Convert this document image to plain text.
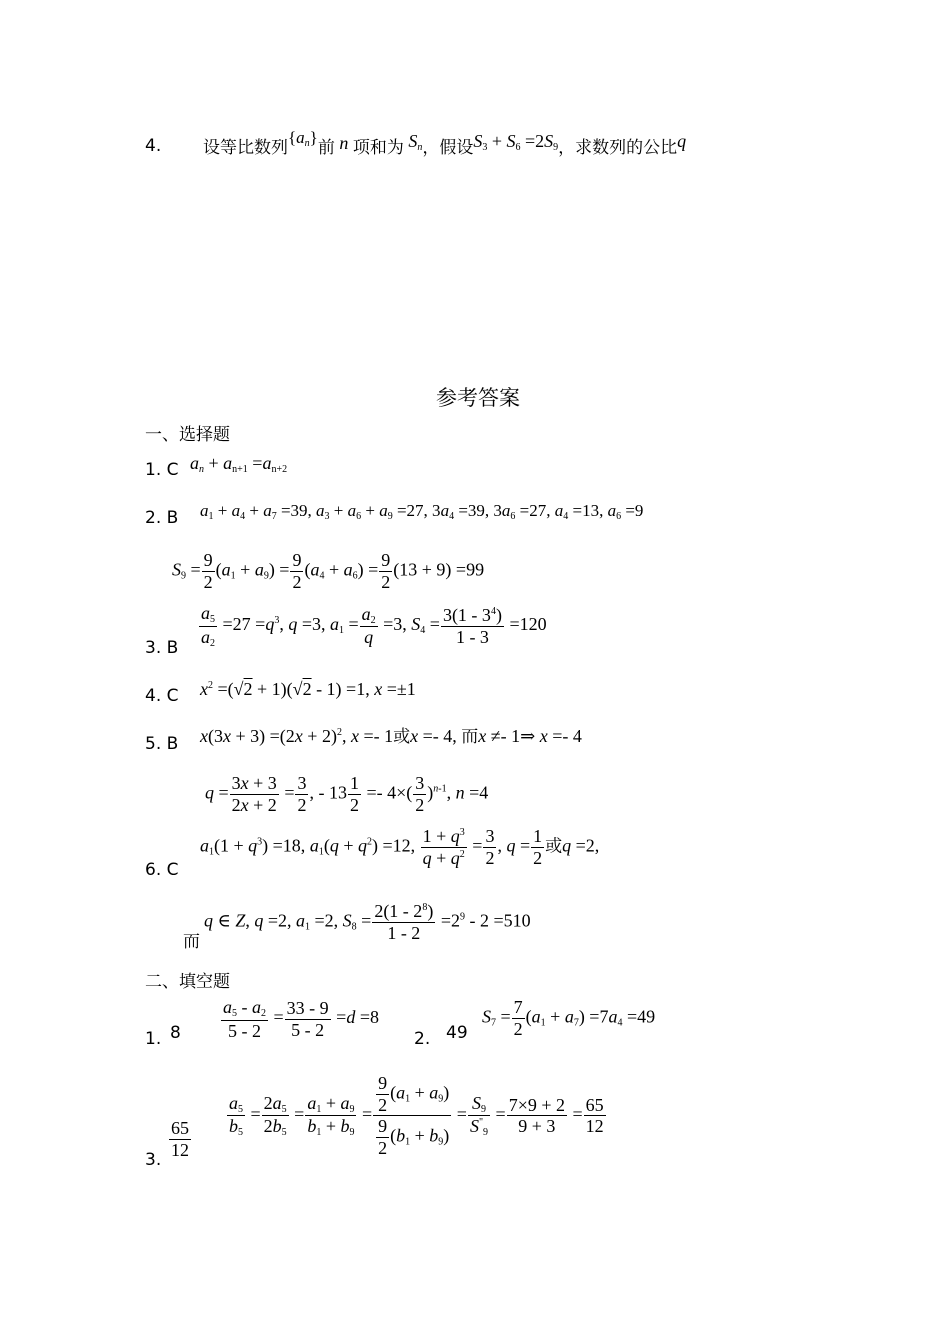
4. 设等比数列$\{a_n\}$前 n 项和为 $S_n$，假设$S_3 + S_6 =2S_9$，求数列的公比q
参考答案
一、选择题
1. C $a_n + a_{n+1} =a_{n+2}$
2. B $a_1 + a_4 + a_7 =39$, $a_3 + a_6 + a_9 =27$, $3a_4 =39$, $3a_6 =27$, $a_4 =13$, $a_6 =9$
$S_9 = \frac{9}{2} (a_1 + a_9) = \frac{9}{2} (a_4 + a_6) = \frac{9}{2} (13 + 9) =99$
3. B $\frac{a_5}{a_2} =27 =q^3$, q =3, $a_1 = \frac{a_2}{q} =3$, $S_4 = \frac{3(1 - 3^4)}{1 - 3} =120$
4. C $x^2 =(√2 + 1)(√2 - 1) =1$, x =±1
5. B $x(3x + 3) =(2x + 2)^2$, x =- 1或x =- 4, 而x ≠- 1⇒ x =- 4
$q = \frac{3x + 3}{2x + 2} = \frac{3}{2}$ , - $13 \frac{1}{2} =- 4\times( \frac{3}{2} )^{n-1}$, n =4
6. C
$a_1(1 + q^3) =18$, $a_1(q + q^2) =12$, $\frac{1 + q^3}{q + q^2} = \frac{3}{2}$ , $q = \frac{1}{2}$ 或q =2,
而
q ∈ Z, q =2, $a_1 =2$, $S_8 = \frac{2(1 - 2^8)}{1 - 2} =2^9 - 2 =510$
二、填空题
1. $8 \frac{a_5 - a_2}{5 - 2} = \frac{33 - 9}{5 - 2} =d =8$
2. 49
$S_7 = \frac{7}{2} (a_1 + a_7) =7a_4 =49$
3. $\frac{65}{12}$
$\frac{a_5}{b_5} = \frac{2a_5}{2b_5} = \frac{a_1 + a_9}{b_1 + b_9} = \frac{\frac{9}{2} (a_1 + a_9)}{\frac{9}{2} (b_1 + b_9)} = \frac{S_9}{S^"_9} = \frac{7\times 9 + 2}{9 + 3} = \frac{65}{12}$
